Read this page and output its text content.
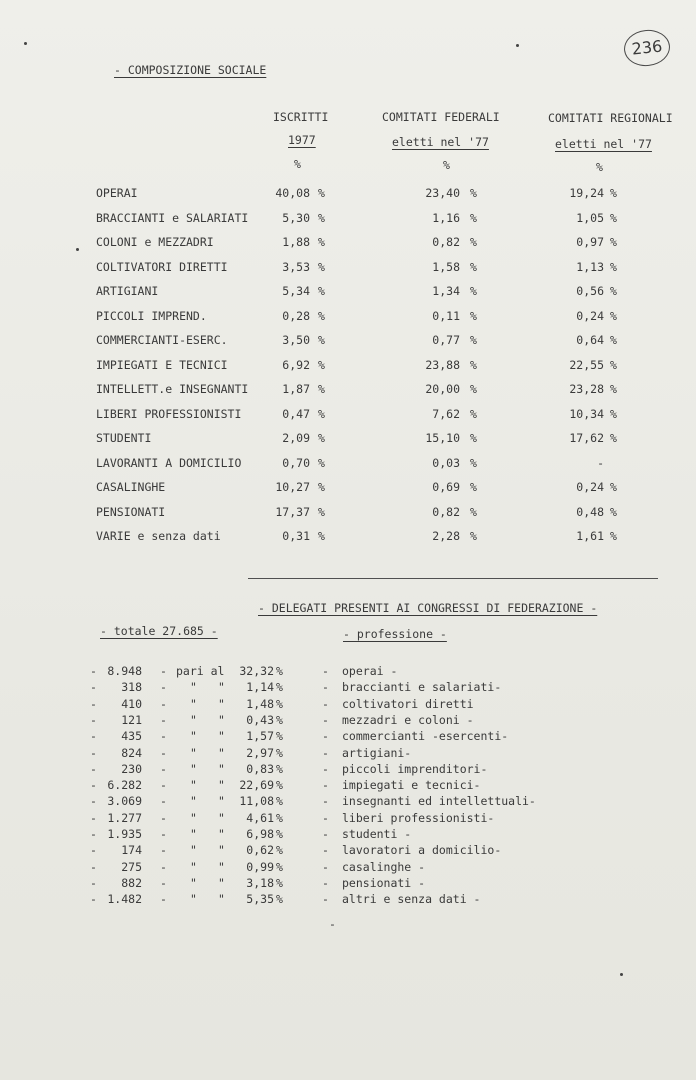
236
- COMPOSIZIONE SOCIALE
ISCRITTI
1977
%
COMITATI FEDERALI
eletti nel '77
%
COMITATI REGIONALI
eletti nel '77
%
OPERAI	40,08 %	23,40 %	19,24 %
BRACCIANTI e SALARIATI	5,30 %	1,16 %	1,05 %
COLONI e MEZZADRI	1,88 %	0,82 %	0,97 %
COLTIVATORI DIRETTI	3,53 %	1,58 %	1,13 %
ARTIGIANI	5,34 %	1,34 %	0,56 %
PICCOLI IMPREND.	0,28 %	0,11 %	0,24 %
COMMERCIANTI-ESERC.	3,50 %	0,77 %	0,64 %
IMPIEGATI E TECNICI	6,92 %	23,88 %	22,55 %
INTELLETT.e INSEGNANTI	1,87 %	20,00 %	23,28 %
LIBERI PROFESSIONISTI	0,47 %	7,62 %	10,34 %
STUDENTI	2,09 %	15,10 %	17,62 %
LAVORANTI A DOMICILIO	0,70 %	0,03 %	-
CASALINGHE	10,27 %	0,69 %	0,24 %
PENSIONATI	17,37 %	0,82 %	0,48 %
VARIE e senza dati	0,31 %	2,28 %	1,61 %
- DELEGATI PRESENTI AI CONGRESSI DI FEDERAZIONE -
- totale 27.685 -	- professione -
- 8.948 - pari al	32,32 %	- operai -
-	318 - " "	1,14 %	- braccianti e salariati-
-	410 - " "	1,48 %	- coltivatori diretti
-	121 - " "	0,43 %	- mezzadri e coloni -
-	435 - " "	1,57 %	- commercianti -esercenti-
-	824 - " "	2,97 %	- artigiani-
-	230 - " "	0,83 %	- piccoli imprenditori-
- 6.282 - " "	22,69 %	- impiegati e tecnici-
- 3.069 - " "	11,08 %	- insegnanti ed intellettuali-
- 1.277 - " "	4,61 %	- liberi professionisti-
- 1.935 - " "	6,98 %	- studenti -
-	174 - " "	0,62 %	- lavoratori a domicilio-
-	275 - " "	0,99 %	- casalinghe -
-	882 - " "	3,18 %	- pensionati -
- 1.482 - " "	5,35 %	- altri e senza dati -
-
